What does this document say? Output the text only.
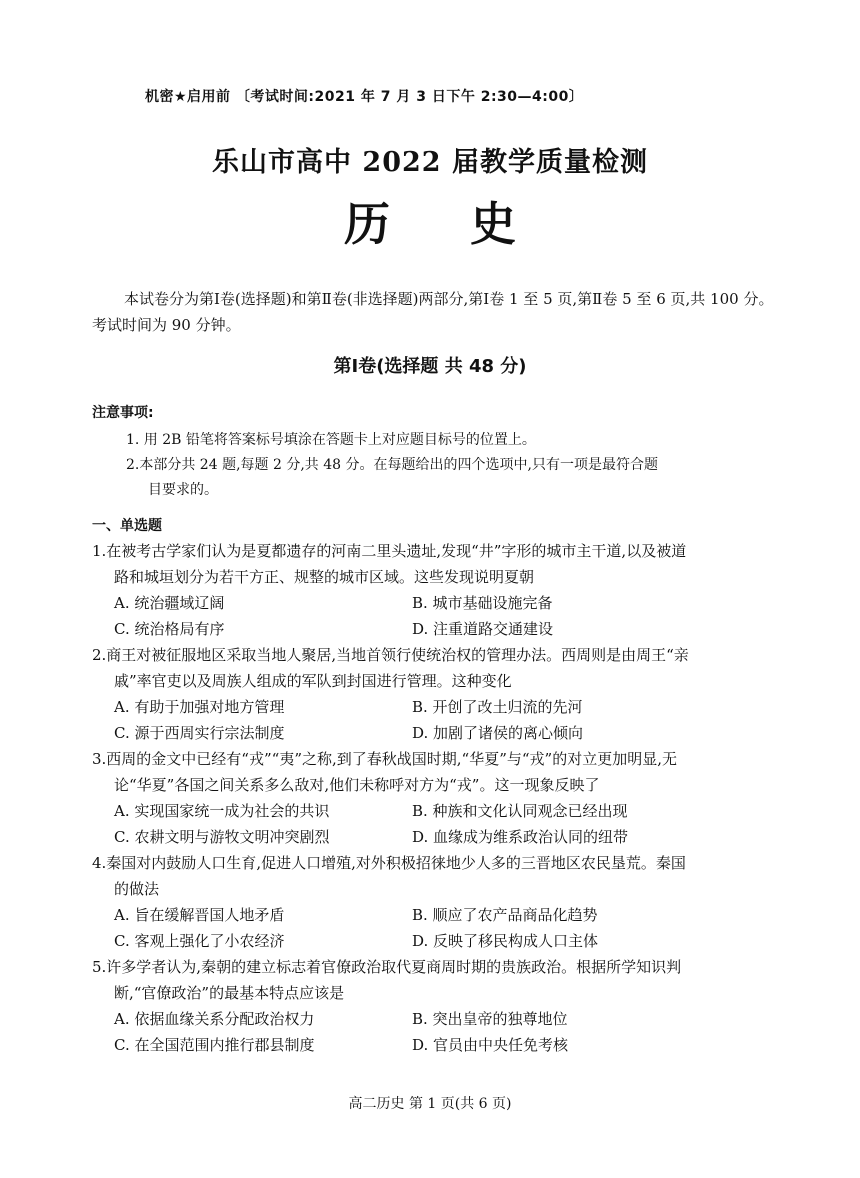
机密★启用前 〔考试时间:2021 年 7 月 3 日下午 2:30—4:00〕
乐山市高中 2022 届教学质量检测
历史
本试卷分为第Ⅰ卷(选择题)和第Ⅱ卷(非选择题)两部分,第Ⅰ卷 1 至 5 页,第Ⅱ卷 5 至 6 页,共 100 分。考试时间为 90 分钟。
第Ⅰ卷(选择题 共 48 分)
注意事项:
1. 用 2B 铅笔将答案标号填涂在答题卡上对应题目标号的位置上。
2.本部分共 24 题,每题 2 分,共 48 分。在每题给出的四个选项中,只有一项是最符合题
目要求的。
一、单选题
1.在被考古学家们认为是夏都遗存的河南二里头遗址,发现“井”字形的城市主干道,以及被道
路和城垣划分为若干方正、规整的城市区域。这些发现说明夏朝
A. 统治疆域辽阔	B. 城市基础设施完备
C. 统治格局有序	D. 注重道路交通建设
2.商王对被征服地区采取当地人聚居,当地首领行使统治权的管理办法。西周则是由周王“亲
戚”率官吏以及周族人组成的军队到封国进行管理。这种变化
A. 有助于加强对地方管理	B. 开创了改土归流的先河
C. 源于西周实行宗法制度	D. 加剧了诸侯的离心倾向
3.西周的金文中已经有“戎”“夷”之称,到了春秋战国时期,“华夏”与“戎”的对立更加明显,无
论“华夏”各国之间关系多么敌对,他们未称呼对方为“戎”。这一现象反映了
A. 实现国家统一成为社会的共识	B. 种族和文化认同观念已经出现
C. 农耕文明与游牧文明冲突剧烈	D. 血缘成为维系政治认同的纽带
4.秦国对内鼓励人口生育,促进人口增殖,对外积极招徕地少人多的三晋地区农民垦荒。秦国
的做法
A. 旨在缓解晋国人地矛盾	B. 顺应了农产品商品化趋势
C. 客观上强化了小农经济	D. 反映了移民构成人口主体
5.许多学者认为,秦朝的建立标志着官僚政治取代夏商周时期的贵族政治。根据所学知识判
断,“官僚政治”的最基本特点应该是
A. 依据血缘关系分配政治权力	B. 突出皇帝的独尊地位
C. 在全国范围内推行郡县制度	D. 官员由中央任免考核
高二历史 第 1 页(共 6 页)
